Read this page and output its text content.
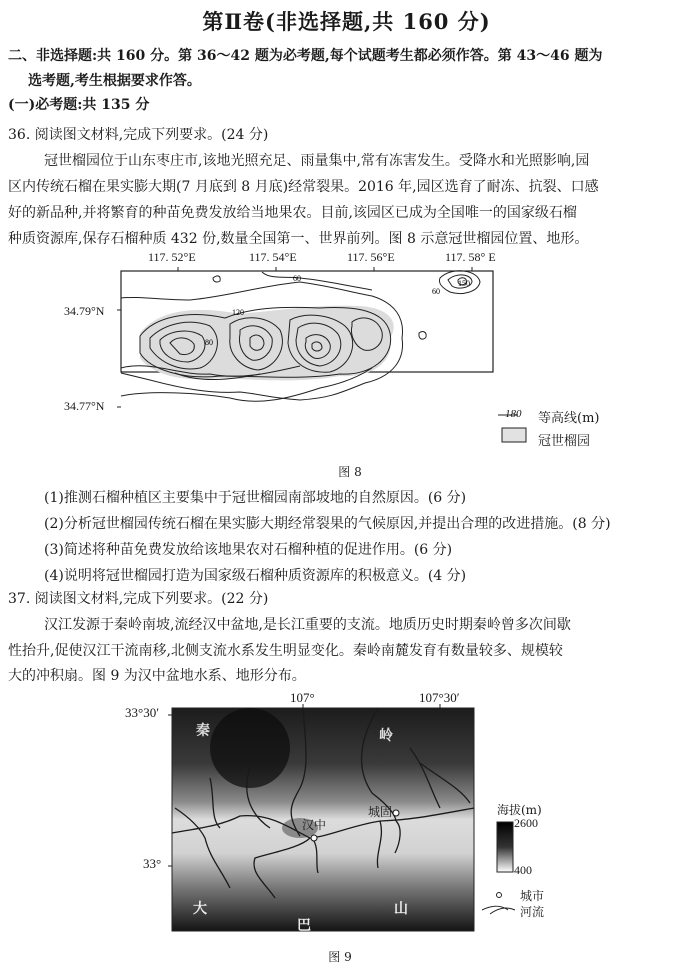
第Ⅱ卷(非选择题,共 160 分)
二、非选择题:共 160 分。第 36～42 题为必考题,每个试题考生都必须作答。第 43～46 题为
选考题,考生根据要求作答。
(一)必考题:共 135 分
36. 阅读图文材料,完成下列要求。(24 分)
冠世榴园位于山东枣庄市,该地光照充足、雨量集中,常有冻害发生。受降水和光照影响,园
区内传统石榴在果实膨大期(7 月底到 8 月底)经常裂果。2016 年,园区选育了耐冻、抗裂、口感
好的新品种,并将繁育的种苗免费发放给当地果农。目前,该园区已成为全国唯一的国家级石榴
种质资源库,保存石榴种质 432 份,数量全国第一、世界前列。图 8 示意冠世榴园位置、地形。
117. 52°E	117. 54°E	117. 56°E	117. 58° E
34.79°N
34.77°N
60
120
80
150
60
180 等高线(m)
冠世榴园
图 8
(1)推测石榴种植区主要集中于冠世榴园南部坡地的自然原因。(6 分)
(2)分析冠世榴园传统石榴在果实膨大期经常裂果的气候原因,并提出合理的改进措施。(8 分)
(3)简述将种苗免费发放给该地果农对石榴种植的促进作用。(6 分)
(4)说明将冠世榴园打造为国家级石榴种质资源库的积极意义。(4 分)
37. 阅读图文材料,完成下列要求。(22 分)
汉江发源于秦岭南坡,流经汉中盆地,是长江重要的支流。地质历史时期秦岭曾多次间歇
性抬升,促使汉江干流南移,北侧支流水系发生明显变化。秦岭南麓发育有数量较多、规模较
大的冲积扇。图 9 为汉中盆地水系、地形分布。
107°	107°30′
33°30′
33°
秦	岭
大
巴
山
汉中
城固	海拔(m)
2600
400
城市
河流
图 9
